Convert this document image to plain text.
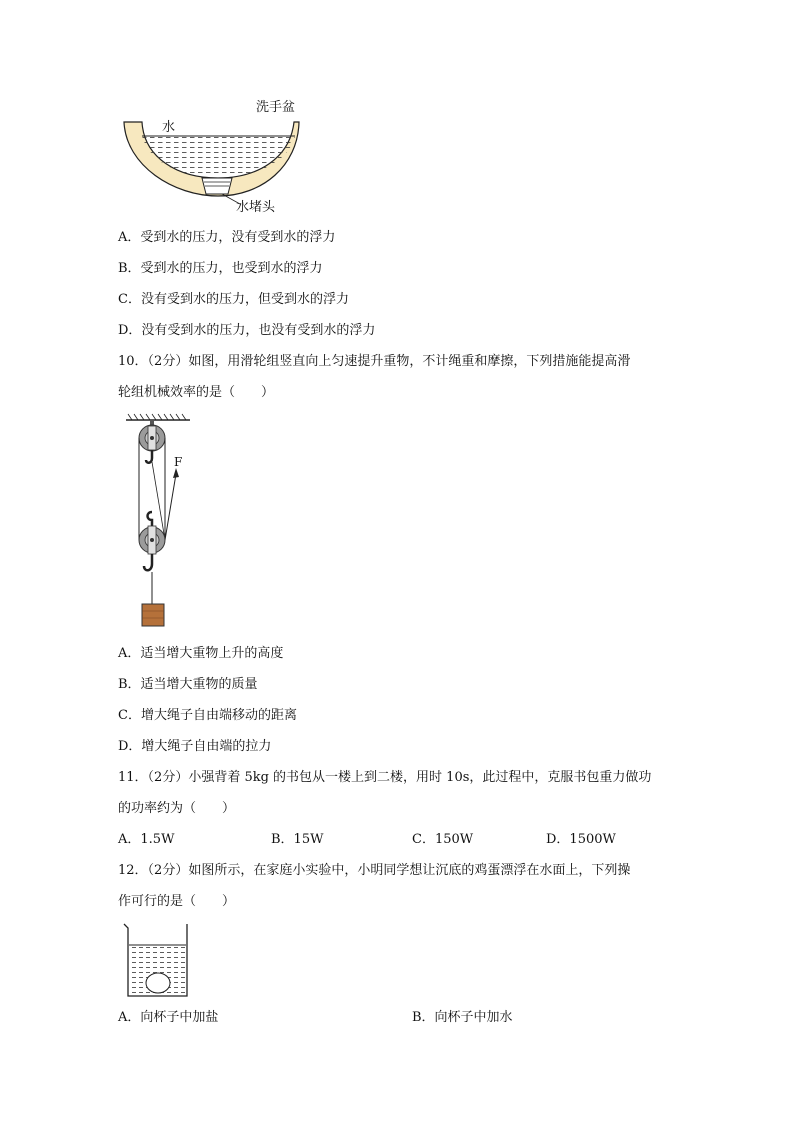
洗手盆
水
水堵头
A．受到水的压力，没有受到水的浮力
B．受到水的压力，也受到水的浮力
C．没有受到水的压力，但受到水的浮力
D．没有受到水的压力，也没有受到水的浮力
10．（2分）如图，用滑轮组竖直向上匀速提升重物，不计绳重和摩擦，下列措施能提高滑
轮组机械效率的是（　　）
F
A．适当增大重物上升的高度
B．适当增大重物的质量
C．增大绳子自由端移动的距离
D．增大绳子自由端的拉力
11．（2分）小强背着 5kg 的书包从一楼上到二楼，用时 10s，此过程中，克服书包重力做功
的功率约为（　　）
A．1.5W	B．15W	C．150W	D．1500W
12．（2分）如图所示，在家庭小实验中，小明同学想让沉底的鸡蛋漂浮在水面上，下列操
作可行的是（　　）
A．向杯子中加盐	B．向杯子中加水
